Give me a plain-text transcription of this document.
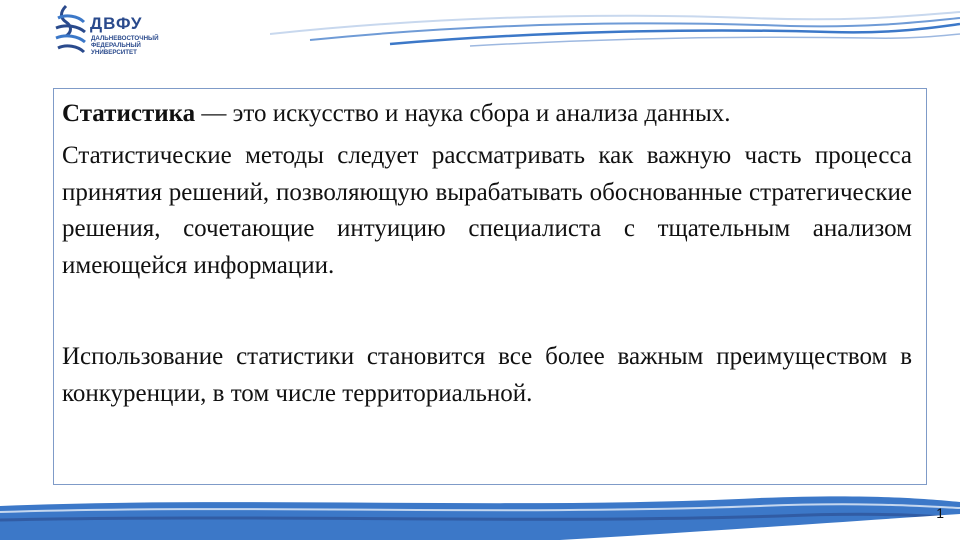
ДВФУ
ДАЛЬНЕВОСТОЧНЫЙ ФЕДЕРАЛЬНЫЙ УНИВЕРСИТЕТ

Статистика — это искусство и наука сбора и анализа данных.

Статистические методы следует рассматривать как важную часть процесса принятия решений, позволяющую вырабатывать обоснованные стратегические решения, сочетающие интуицию специалиста с тщательным анализом имеющейся информации.

Использование статистики становится все более важным преимуществом в конкуренции, в том числе территориальной.

1
